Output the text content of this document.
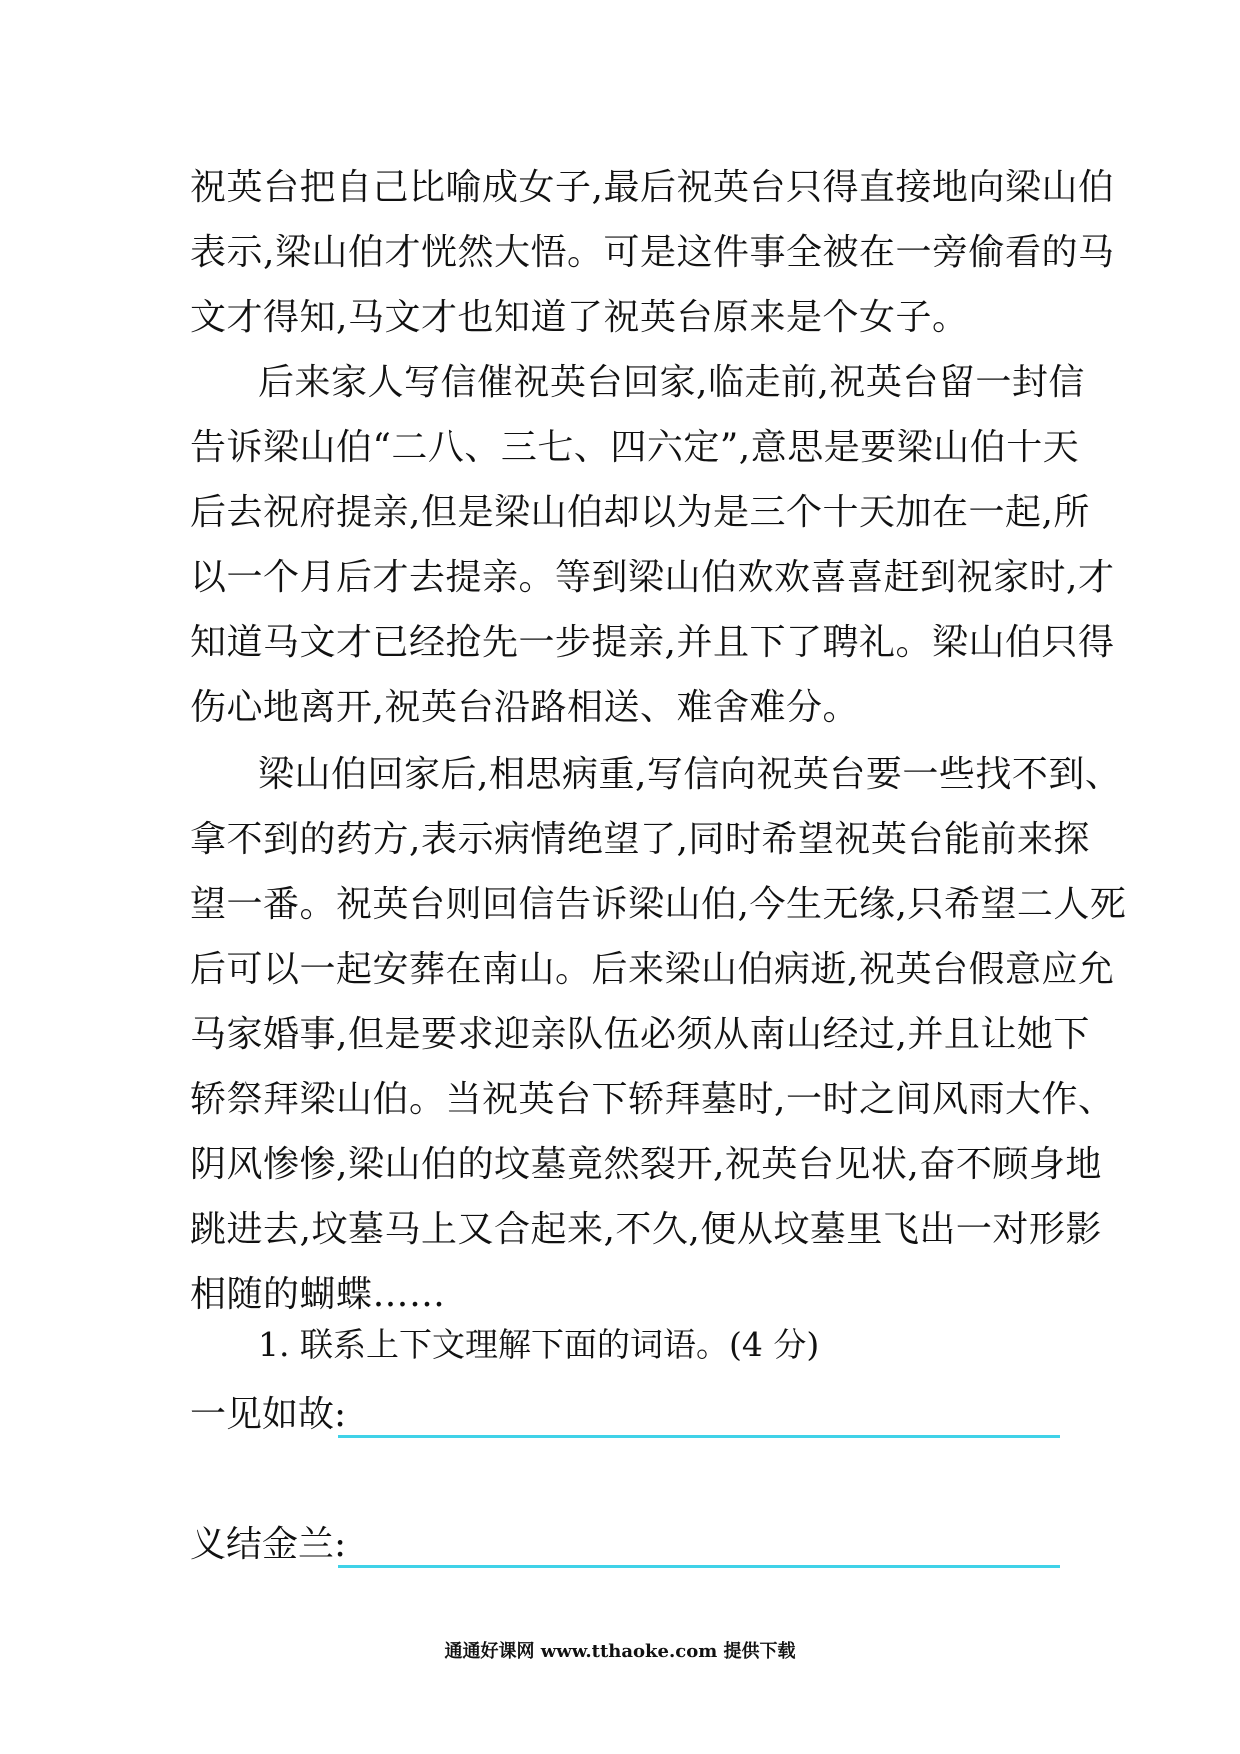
祝英台把自己比喻成女子,最后祝英台只得直接地向梁山伯
表示,梁山伯才恍然大悟。可是这件事全被在一旁偷看的马
文才得知,马文才也知道了祝英台原来是个女子。
后来家人写信催祝英台回家,临走前,祝英台留一封信
告诉梁山伯“二八、三七、四六定”,意思是要梁山伯十天
后去祝府提亲,但是梁山伯却以为是三个十天加在一起,所
以一个月后才去提亲。等到梁山伯欢欢喜喜赶到祝家时,才
知道马文才已经抢先一步提亲,并且下了聘礼。梁山伯只得
伤心地离开,祝英台沿路相送、难舍难分。
梁山伯回家后,相思病重,写信向祝英台要一些找不到、
拿不到的药方,表示病情绝望了,同时希望祝英台能前来探
望一番。祝英台则回信告诉梁山伯,今生无缘,只希望二人死
后可以一起安葬在南山。后来梁山伯病逝,祝英台假意应允
马家婚事,但是要求迎亲队伍必须从南山经过,并且让她下
轿祭拜梁山伯。当祝英台下轿拜墓时,一时之间风雨大作、
阴风惨惨,梁山伯的坟墓竟然裂开,祝英台见状,奋不顾身地
跳进去,坟墓马上又合起来,不久,便从坟墓里飞出一对形影
相随的蝴蝶……
1. 联系上下文理解下面的词语。(4 分)
一见如故:
义结金兰:
通通好课网 www.tthaoke.com 提供下载
